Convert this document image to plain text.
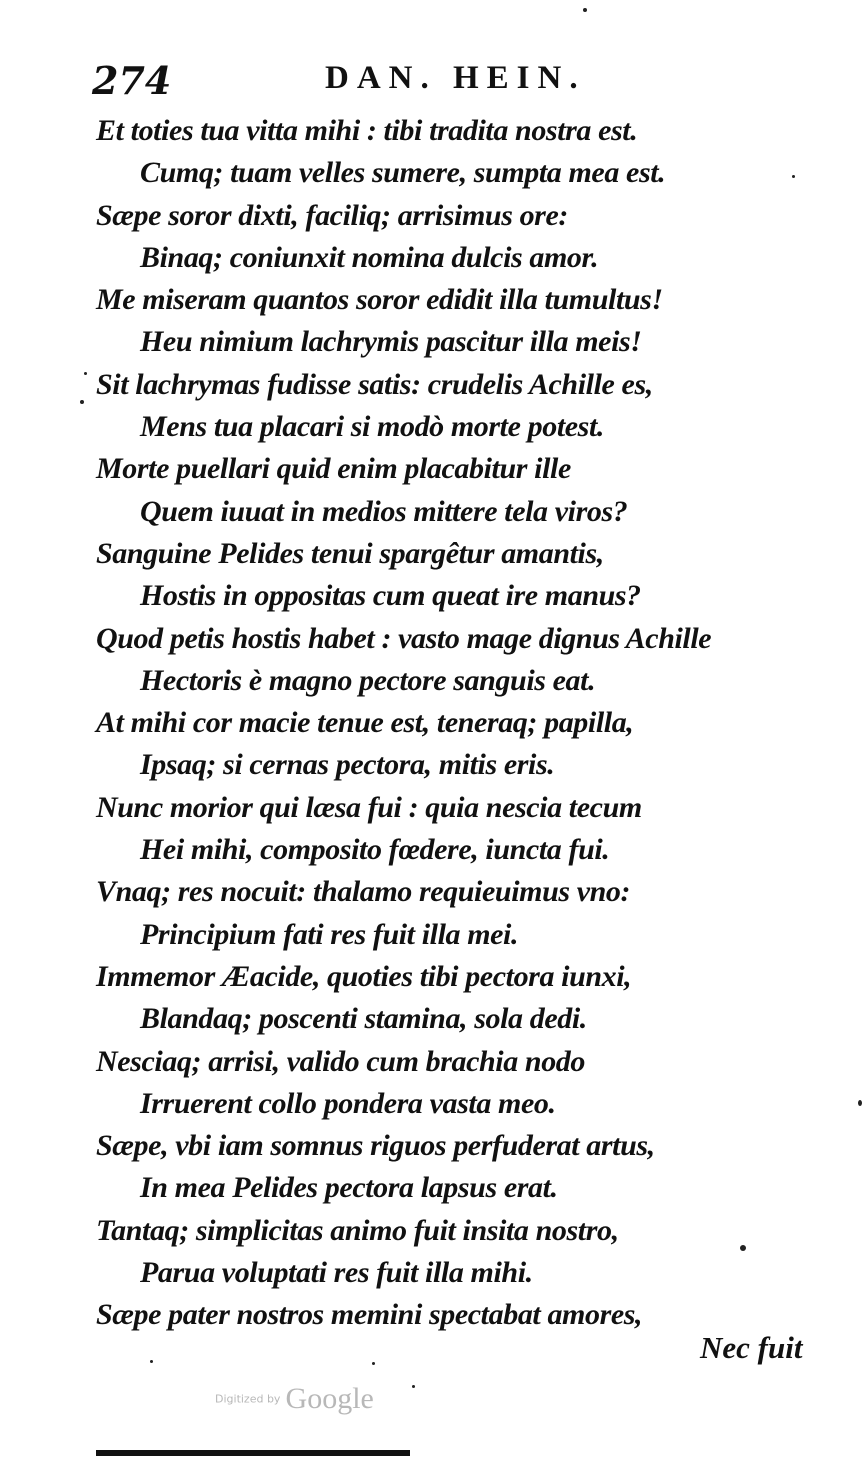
274	DAN. HEIN.
Et toties tua vitta mihi : tibi tradita nostra est.
Cumq; tuam velles sumere, sumpta mea est.
Sæpe soror dixti, faciliq; arrisimus ore:
Binaq; coniunxit nomina dulcis amor.
Me miseram quantos soror edidit illa tumultus!
Heu nimium lachrymis pascitur illa meis!
Sit lachrymas fudisse satis: crudelis Achille es,
Mens tua placari si modò morte potest.
Morte puellari quid enim placabitur ille
Quem iuuat in medios mittere tela viros?
Sanguine Pelides tenui spargêtur amantis,
Hostis in oppositas cum queat ire manus?
Quod petis hostis habet : vasto mage dignus Achille
Hectoris è magno pectore sanguis eat.
At mihi cor macie tenue est, teneraq; papilla,
Ipsaq; si cernas pectora, mitis eris.
Nunc morior qui læsa fui : quia nescia tecum
Hei mihi, composito fœdere, iuncta fui.
Vnaq; res nocuit: thalamo requieuimus vno:
Principium fati res fuit illa mei.
Immemor Æacide, quoties tibi pectora iunxi,
Blandaq; poscenti stamina, sola dedi.
Nesciaq; arrisi, valido cum brachia nodo
Irruerent collo pondera vasta meo.
Sæpe, vbi iam somnus riguos perfuderat artus,
In mea Pelides pectora lapsus erat.
Tantaq; simplicitas animo fuit insita nostro,
Parua voluptati res fuit illa mihi.
Sæpe pater nostros memini spectabat amores,
Nec fuit
Digitized by Google
